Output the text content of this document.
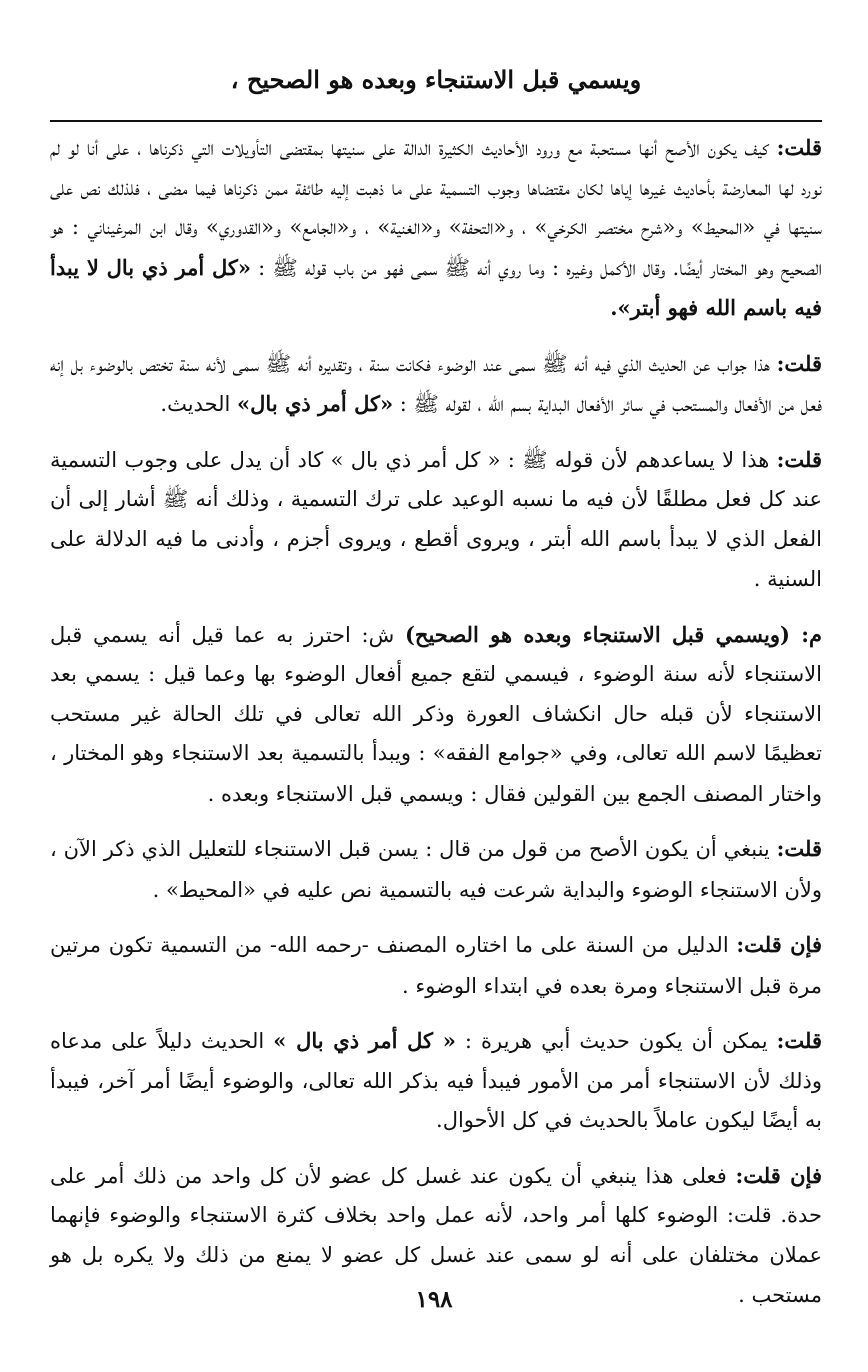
ويسمي قبل الاستنجاء وبعده هو الصحيح ،

قلت: كيف يكون الأصح أنها مستحبة مع ورود الأحاديث الكثيرة الدالة على سنيتها بمقتضى التأويلات التي ذكرناها ، على أنا لو لم نورد لها المعارضة بأحاديث غيرها إياها لكان مقتضاها وجوب التسمية على ما ذهبت إليه طائفة ممن ذكرناها فيما مضى ، فلذلك نص على سنيتها في «المحيط» و«شرح مختصر الكرخي» ، و«التحفة» و«الغنية» ، و«الجامع» و«القدوري» وقال ابن المرغيناني : هو الصحيح وهو المختار أيضًا. وقال الأكمل وغيره : وما روي أنه ﷺ سمى فهو من باب قوله ﷺ : «كل أمر ذي بال لا يبدأ فيه باسم الله فهو أبتر».

قلت: هذا جواب عن الحديث الذي فيه أنه ﷺ سمى عند الوضوء فكانت سنة ، وتقديره أنه ﷺ سمى لأنه سنة تختص بالوضوء بل إنه فعل من الأفعال والمستحب في سائر الأفعال البداية بسم الله ، لقوله ﷺ : «كل أمر ذي بال» الحديث.

قلت: هذا لا يساعدهم لأن قوله ﷺ : « كل أمر ذي بال » كاد أن يدل على وجوب التسمية عند كل فعل مطلقًا لأن فيه ما نسبه الوعيد على ترك التسمية ، وذلك أنه ﷺ أشار إلى أن الفعل الذي لا يبدأ باسم الله أبتر ، ويروى أقطع ، ويروى أجزم ، وأدنى ما فيه الدلالة على السنية .

م: (ويسمي قبل الاستنجاء وبعده هو الصحيح) ش: احترز به عما قيل أنه يسمي قبل الاستنجاء لأنه سنة الوضوء ، فيسمي لتقع جميع أفعال الوضوء بها وعما قيل : يسمي بعد الاستنجاء لأن قبله حال انكشاف العورة وذكر الله تعالى في تلك الحالة غير مستحب تعظيمًا لاسم الله تعالى، وفي «جوامع الفقه» : ويبدأ بالتسمية بعد الاستنجاء وهو المختار ، واختار المصنف الجمع بين القولين فقال : ويسمي قبل الاستنجاء وبعده .

قلت: ينبغي أن يكون الأصح من قول من قال : يسن قبل الاستنجاء للتعليل الذي ذكر الآن ، ولأن الاستنجاء الوضوء والبداية شرعت فيه بالتسمية نص عليه في «المحيط» .

فإن قلت: الدليل من السنة على ما اختاره المصنف -رحمه الله- من التسمية تكون مرتين مرة قبل الاستنجاء ومرة بعده في ابتداء الوضوء .

قلت: يمكن أن يكون حديث أبي هريرة : « كل أمر ذي بال » الحديث دليلاً على مدعاه وذلك لأن الاستنجاء أمر من الأمور فيبدأ فيه بذكر الله تعالى، والوضوء أيضًا أمر آخر، فيبدأ به أيضًا ليكون عاملاً بالحديث في كل الأحوال.

فإن قلت: فعلى هذا ينبغي أن يكون عند غسل كل عضو لأن كل واحد من ذلك أمر على حدة. قلت: الوضوء كلها أمر واحد، لأنه عمل واحد بخلاف كثرة الاستنجاء والوضوء فإنهما عملان مختلفان على أنه لو سمى عند غسل كل عضو لا يمنع من ذلك ولا يكره بل هو مستحب .

١٩٨
